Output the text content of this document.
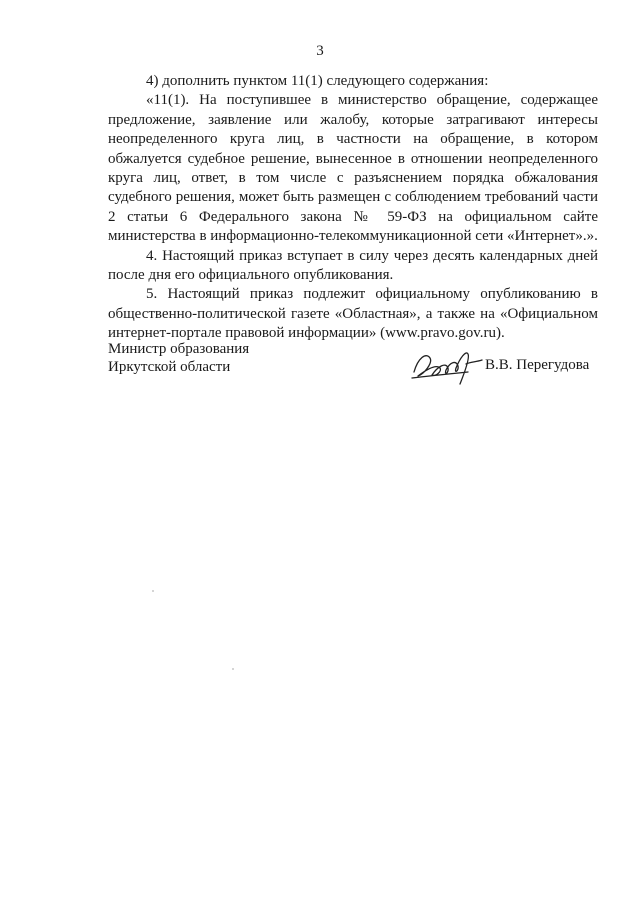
3

4) дополнить пунктом 11(1) следующего содержания:

«11(1). На поступившее в министерство обращение, содержащее предложение, заявление или жалобу, которые затрагивают интересы неопределенного круга лиц, в частности на обращение, в котором обжалуется судебное решение, вынесенное в отношении неопределенного круга лиц, ответ, в том числе с разъяснением порядка обжалования судебного решения, может быть размещен с соблюдением требований части 2 статьи 6 Федерального закона № 59-ФЗ на официальном сайте министерства в информационно-телекоммуникационной сети «Интернет».».

4. Настоящий приказ вступает в силу через десять календарных дней после дня его официального опубликования.

5. Настоящий приказ подлежит официальному опубликованию в общественно-политической газете «Областная», а также на «Официальном интернет-портале правовой информации» (www.pravo.gov.ru).

Министр образования
Иркутской области	В.В. Перегудова
